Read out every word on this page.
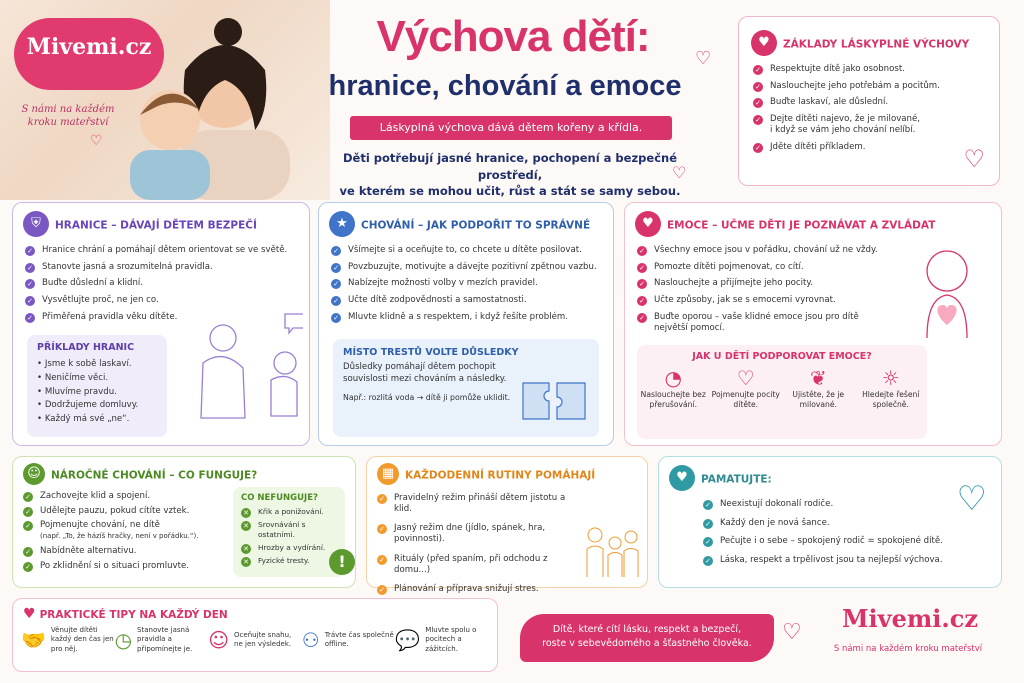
Mivemi.cz
S námi na každém kroku mateřství
♡
Výchova dětí:
hranice, chování a emoce
♡
Láskyplná výchova dává dětem kořeny a křídla.
Děti potřebují jasné hranice, pochopení a bezpečné prostředí,
ve kterém se mohou učit, růst a stát se samy sebou.
♡
♥ ZÁKLADY LÁSKYPLNÉ VÝCHOVY
✓ Respektujte dítě jako osobnost.
✓ Naslouchejte jeho potřebám a pocitům.
✓ Buďte laskaví, ale důslední.
✓ Dejte dítěti najevo, že je milované, i když se vám jeho chování nelíbí.
✓ Jděte dítěti příkladem.	♡
⛨ HRANICE – DÁVAJÍ DĚTEM BEZPEČÍ
✓ Hranice chrání a pomáhají dětem orientovat se ve světě.
✓ Stanovte jasná a srozumitelná pravidla.
✓ Buďte důslední a klidní.
✓ Vysvětlujte proč, ne jen co.
✓ Přiměřená pravidla věku dítěte.
PŘÍKLADY HRANIC
• Jsme k sobě laskaví.
• Neničíme věci.
• Mluvíme pravdu.
• Dodržujeme domluvy.
• Každý má své „ne“.
★ CHOVÁNÍ – JAK PODPOŘIT TO SPRÁVNÉ
✓ Všímejte si a oceňujte to, co chcete u dítěte posilovat.
✓ Povzbuzujte, motivujte a dávejte pozitivní zpětnou vazbu.
✓ Nabízejte možnosti volby v mezích pravidel.
✓ Učte dítě zodpovědnosti a samostatnosti.
✓ Mluvte klidně a s respektem, i když řešíte problém.
MÍSTO TRESTŮ VOLTE DŮSLEDKY
Důsledky pomáhají dětem pochopit souvislosti mezi chováním a následky.
Např.: rozlitá voda → dítě ji pomůže uklidit.
♥ EMOCE – UČME DĚTI JE POZNÁVAT A ZVLÁDAT
✓ Všechny emoce jsou v pořádku, chování už ne vždy.
✓ Pomozte dítěti pojmenovat, co cítí.
✓ Naslouchejte a přijímejte jeho pocity.
✓ Učte způsoby, jak se s emocemi vyrovnat.
✓ Buďte oporou – vaše klidné emoce jsou pro dítě největší pomocí.
JAK U DĚTÍ PODPOROVAT EMOCE?
◔
Naslouchejte bez přerušování.
♡
Pojmenujte pocity dítěte.
❦
Ujistěte, že je milované.
☼
Hledejte řešení společně.
☺ NÁROČNÉ CHOVÁNÍ – CO FUNGUJE?
✓ Zachovejte klid a spojení.
✓ Udělejte pauzu, pokud cítíte vztek.
✓ Pojmenujte chování, ne dítě
(např. „To, že házíš hračky, není v pořádku.“).
✓ Nabídněte alternativu.
✓ Po zklidnění si o situaci promluvte.
CO NEFUNGUJE?
✕ Křik a ponižování.
✕ Srovnávání s ostatními.
✕ Hrozby a vydírání.
✕ Fyzické tresty.	!
▦ KAŽDODENNÍ RUTINY POMÁHAJÍ
✓ Pravidelný režim přináší dětem jistotu a klid.
✓ Jasný režim dne (jídlo, spánek, hra, povinnosti).
✓ Rituály (před spaním, při odchodu z domu...)
✓ Plánování a příprava snižují stres.
♥ PAMATUJTE:
✓ Neexistují dokonalí rodiče.
✓ Každý den je nová šance.
✓ Pečujte i o sebe – spokojený rodič = spokojené dítě.
✓ Láska, respekt a trpělivost jsou ta nejlepší výchova.
♡
♥ PRAKTICKÉ TIPY NA KAŽDÝ DEN
🤝 Věnujte dítěti každý den čas jen pro něj.	◷ Stanovte jasná pravidla a připomínejte je. ☺ Oceňujte snahu, ne jen výsledek. ⚇ Trávte čas společně offline.	💬 Mluvte spolu o pocitech a zážitcích.
Dítě, které cítí lásku, respekt a bezpečí,
roste v sebevědomého a šťastného člověka.	♡	Mivemi.cz
S námi na každém kroku mateřství
